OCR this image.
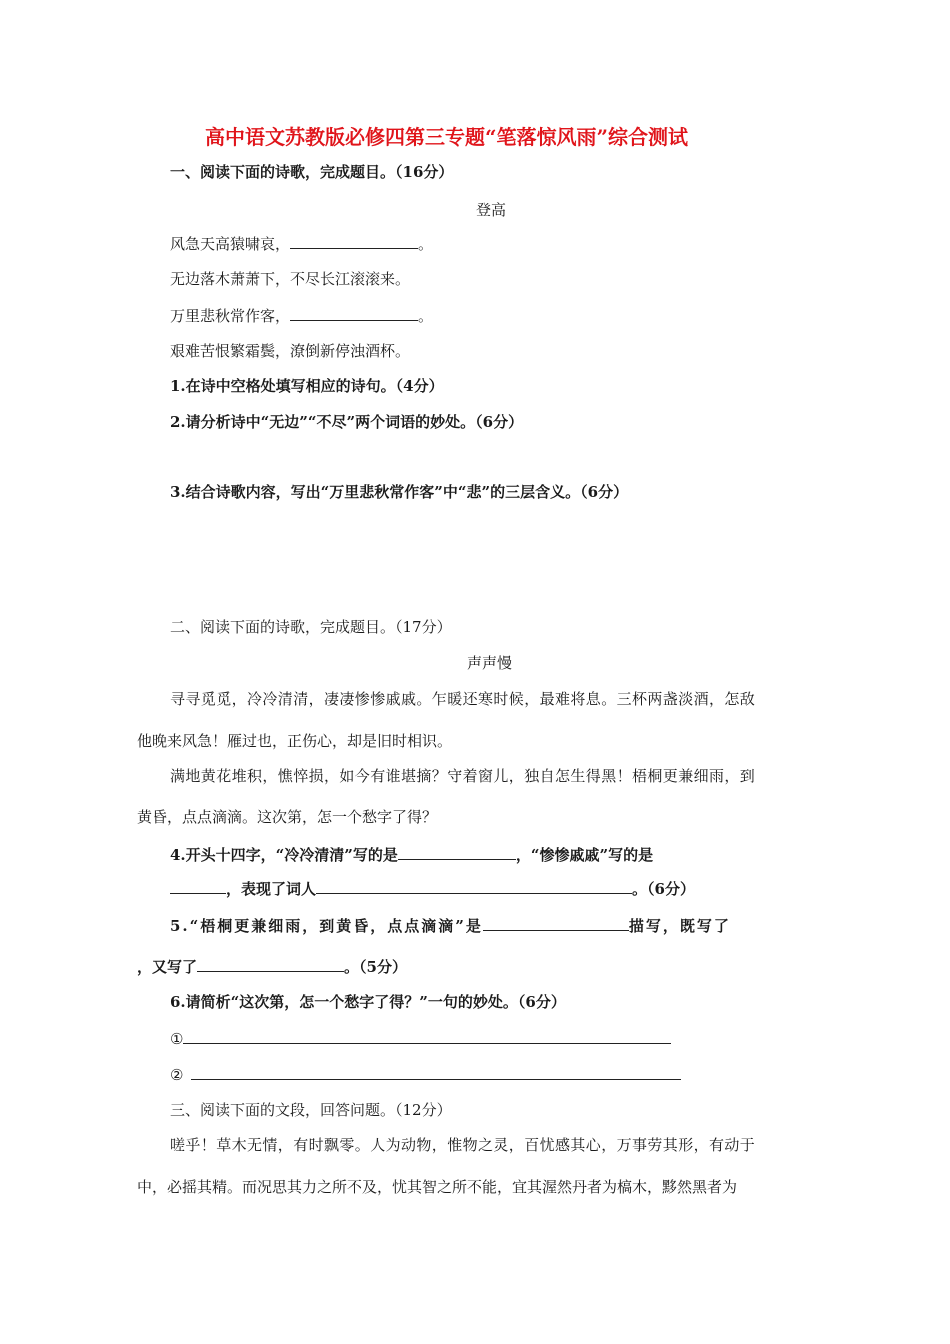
高中语文苏教版必修四第三专题“笔落惊风雨”综合测试
一、阅读下面的诗歌，完成题目。（16分）
登高
风急天高猿啸哀，	。
无边落木萧萧下，不尽长江滚滚来。
万里悲秋常作客，	。
艰难苦恨繁霜鬓，潦倒新停浊酒杯。
1.在诗中空格处填写相应的诗句。（4分）
2.请分析诗中“无边”“不尽”两个词语的妙处。（6分）
3.结合诗歌内容，写出“万里悲秋常作客”中“悲”的三层含义。（6分）
二、阅读下面的诗歌，完成题目。（17分）
声声慢
寻寻觅觅，冷冷清清，凄凄惨惨戚戚。乍暖还寒时候，最难将息。三杯两盏淡酒，怎敌
他晚来风急！雁过也，正伤心，却是旧时相识。
满地黄花堆积，憔悴损，如今有谁堪摘？守着窗儿，独自怎生得黑！梧桐更兼细雨，到
黄昏，点点滴滴。这次第，怎一个愁字了得？
4.开头十四字，“冷冷清清”写的是	，“惨惨戚戚”写的是
，表现了词人	。（6分）
5.“梧桐更兼细雨，到黄昏，点点滴滴”是	描写，既写了
，又写了	。（5分）
6.请简析“这次第，怎一个愁字了得？”一句的妙处。（6分）
①
②
三、阅读下面的文段，回答问题。（12分）
嗟乎！草木无情，有时飘零。人为动物，惟物之灵，百忧感其心，万事劳其形，有动于
中，必摇其精。而况思其力之所不及，忧其智之所不能，宜其渥然丹者为槁木，黟然黑者为
